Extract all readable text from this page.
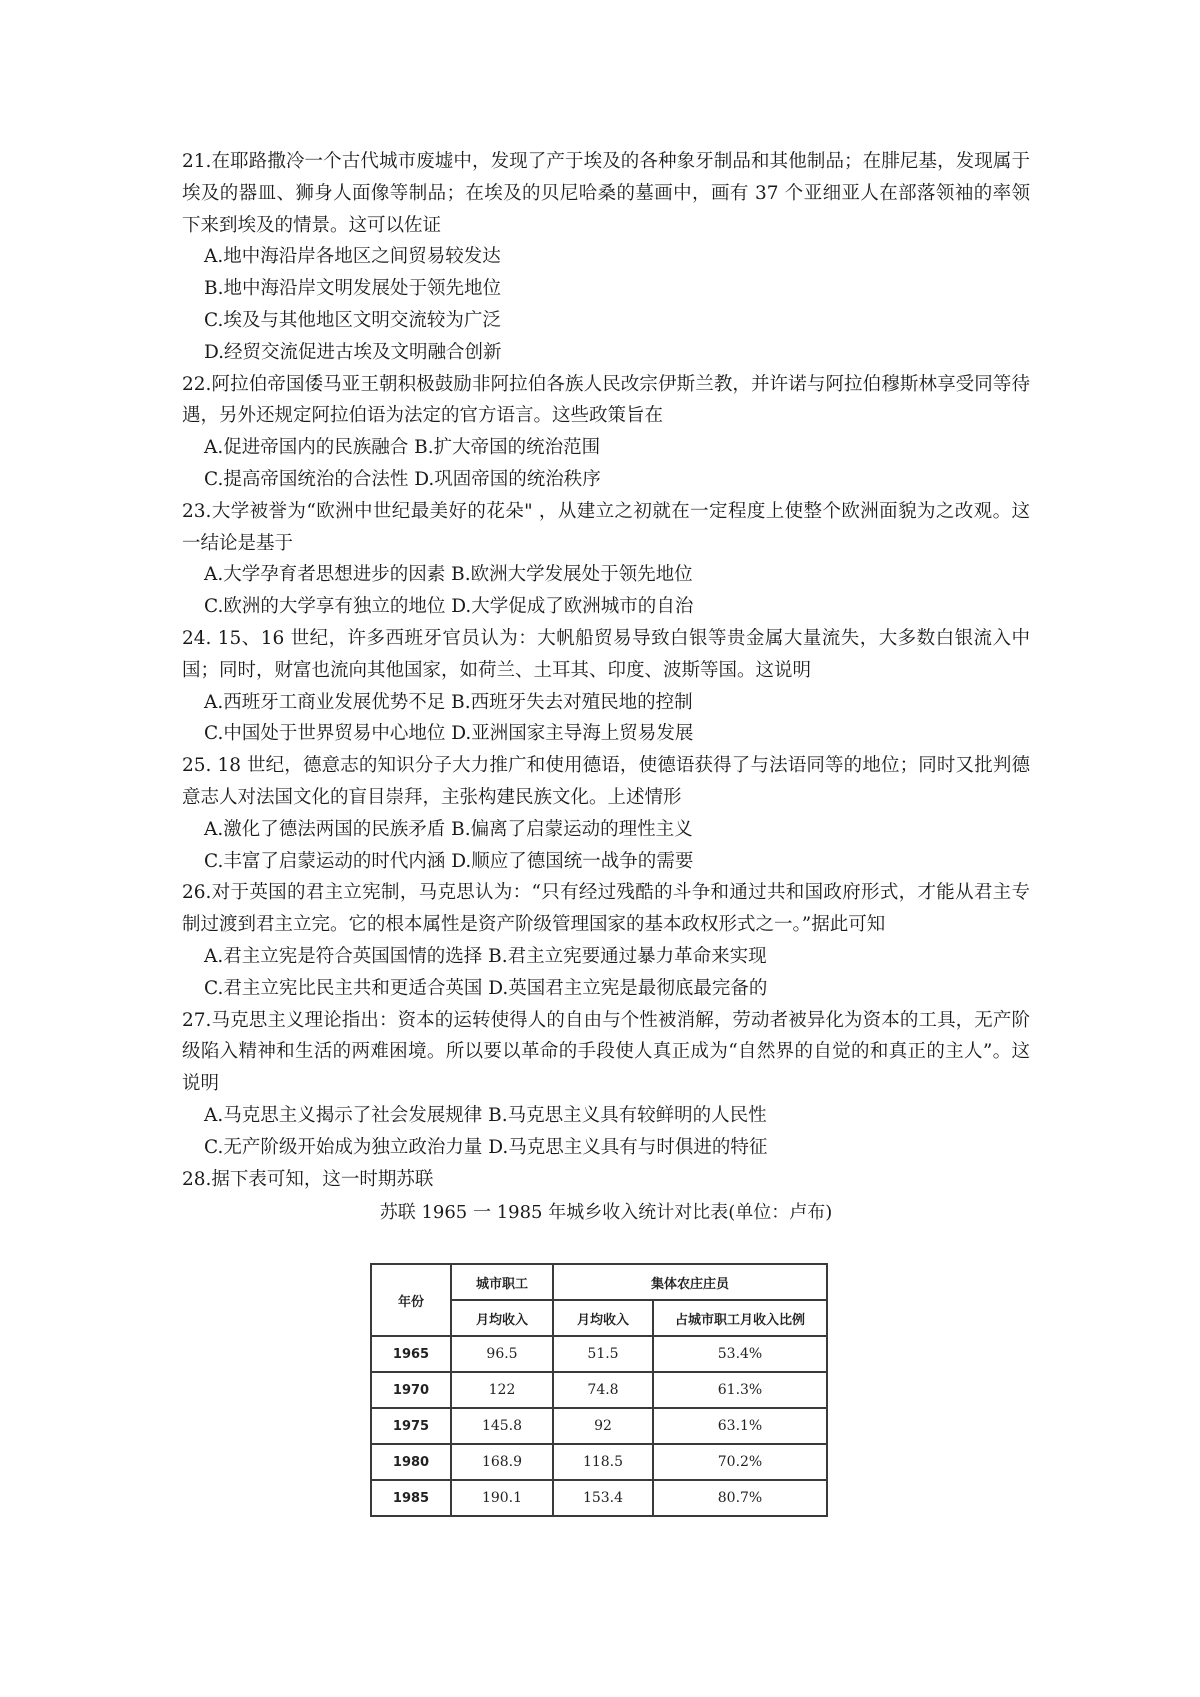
21.在耶路撒冷一个古代城市废墟中，发现了产于埃及的各种象牙制品和其他制品；在腓尼基，发现属于埃及的器皿、狮身人面像等制品；在埃及的贝尼哈桑的墓画中，画有 37 个亚细亚人在部落领袖的率领下来到埃及的情景。这可以佐证

A.地中海沿岸各地区之间贸易较发达

B.地中海沿岸文明发展处于领先地位

C.埃及与其他地区文明交流较为广泛

D.经贸交流促进古埃及文明融合创新

22.阿拉伯帝国倭马亚王朝积极鼓励非阿拉伯各族人民改宗伊斯兰教，并许诺与阿拉伯穆斯林享受同等待遇，另外还规定阿拉伯语为法定的官方语言。这些政策旨在

A.促进帝国内的民族融合 B.扩大帝国的统治范围

C.提高帝国统治的合法性 D.巩固帝国的统治秩序

23.大学被誉为“欧洲中世纪最美好的花朵" ，从建立之初就在一定程度上使整个欧洲面貌为之改观。这一结论是基于

A.大学孕育者思想进步的因素 B.欧洲大学发展处于领先地位

C.欧洲的大学享有独立的地位 D.大学促成了欧洲城市的自治

24. 15、16 世纪，许多西班牙官员认为：大帆船贸易导致白银等贵金属大量流失，大多数白银流入中国；同时，财富也流向其他国家，如荷兰、土耳其、印度、波斯等国。这说明

A.西班牙工商业发展优势不足 B.西班牙失去对殖民地的控制

C.中国处于世界贸易中心地位 D.亚洲国家主导海上贸易发展

25. 18 世纪，德意志的知识分子大力推广和使用德语，使德语获得了与法语同等的地位；同时又批判德意志人对法国文化的盲目崇拜，主张构建民族文化。上述情形

A.激化了德法两国的民族矛盾 B.偏离了启蒙运动的理性主义

C.丰富了启蒙运动的时代内涵 D.顺应了德国统一战争的需要

26.对于英国的君主立宪制，马克思认为：“只有经过残酷的斗争和通过共和国政府形式，才能从君主专制过渡到君主立完。它的根本属性是资产阶级管理国家的基本政权形式之一。”据此可知

A.君主立宪是符合英国国情的选择 B.君主立宪要通过暴力革命来实现

C.君主立宪比民主共和更适合英国 D.英国君主立宪是最彻底最完备的

27.马克思主义理论指出：资本的运转使得人的自由与个性被消解，劳动者被异化为资本的工具，无产阶级陷入精神和生活的两难困境。所以要以革命的手段使人真正成为“自然界的自觉的和真正的主人”。这说明

A.马克思主义揭示了社会发展规律 B.马克思主义具有较鲜明的人民性

C.无产阶级开始成为独立政治力量 D.马克思主义具有与时俱进的特征

28.据下表可知，这一时期苏联

苏联 1965 一 1985 年城乡收入统计对比表(单位：卢布)

年份	城市职工	集体农庄庄员	
	月均收入	月均收入	占城市职工月收入比例
1965	96.5	51.5	53.4%
1970	122	74.8	61.3%
1975	145.8	92	63.1%
1980	168.9	118.5	70.2%
1985	190.1	153.4	80.7%
